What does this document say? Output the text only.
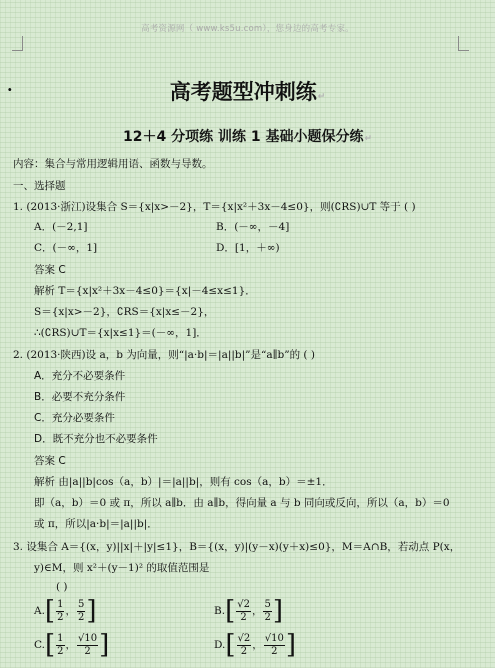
高考资源网（ www.ks5u.com），您身边的高考专家。
·	高考题型冲刺练↵
12＋4 分项练 训练 1 基础小题保分练↵
内容：集合与常用逻辑用语、函数与导数。
一、选择题
1. (2013·浙江)设集合 S＝{x|x>－2}，T＝{x|x²＋3x－4≤0}，则(∁RS)∪T 等于 ( )
A．(－2,1]	B．(－∞，－4]
C．(－∞，1]	D．[1，＋∞)
答案 C
解析 T＝{x|x²＋3x－4≤0}＝{x|－4≤x≤1}．
S＝{x|x>－2}，∁RS＝{x|x≤－2}，
∴(∁RS)∪T＝{x|x≤1}＝(－∞，1]．
2. (2013·陕西)设 a，b 为向量，则“|a·b|＝|a||b|”是“a∥b”的 ( )
A．充分不必要条件
B．必要不充分条件
C．充分必要条件
D．既不充分也不必要条件
答案 C
解析 由|a||b|cos（a，b）|＝|a||b|，则有 cos（a，b）＝±1．
即（a，b）＝0 或 π，所以 a∥b．由 a∥b，得向量 a 与 b 同向或反向，所以（a，b）＝0
或 π，所以|a·b|＝|a||b|．
3. 设集合 A＝{(x，y)||x|＋|y|≤1}，B＝{(x，y)|(y－x)(y＋x)≤0}，M＝A∩B，若动点 P(x，
y)∈M，则 x²＋(y－1)² 的取值范围是
( )
$A.[ \frac{1}{2}$ ， $\frac{5}{2}$ ]	$B.[ \frac{√2}{2}$ ， $\frac{5}{2}$ ]
$C.[ \frac{1}{2}$ ， $\frac{√10}{2}$ ]	$D.[ \frac{√2}{2}$ ， $\frac{√10}{2}$ ]
